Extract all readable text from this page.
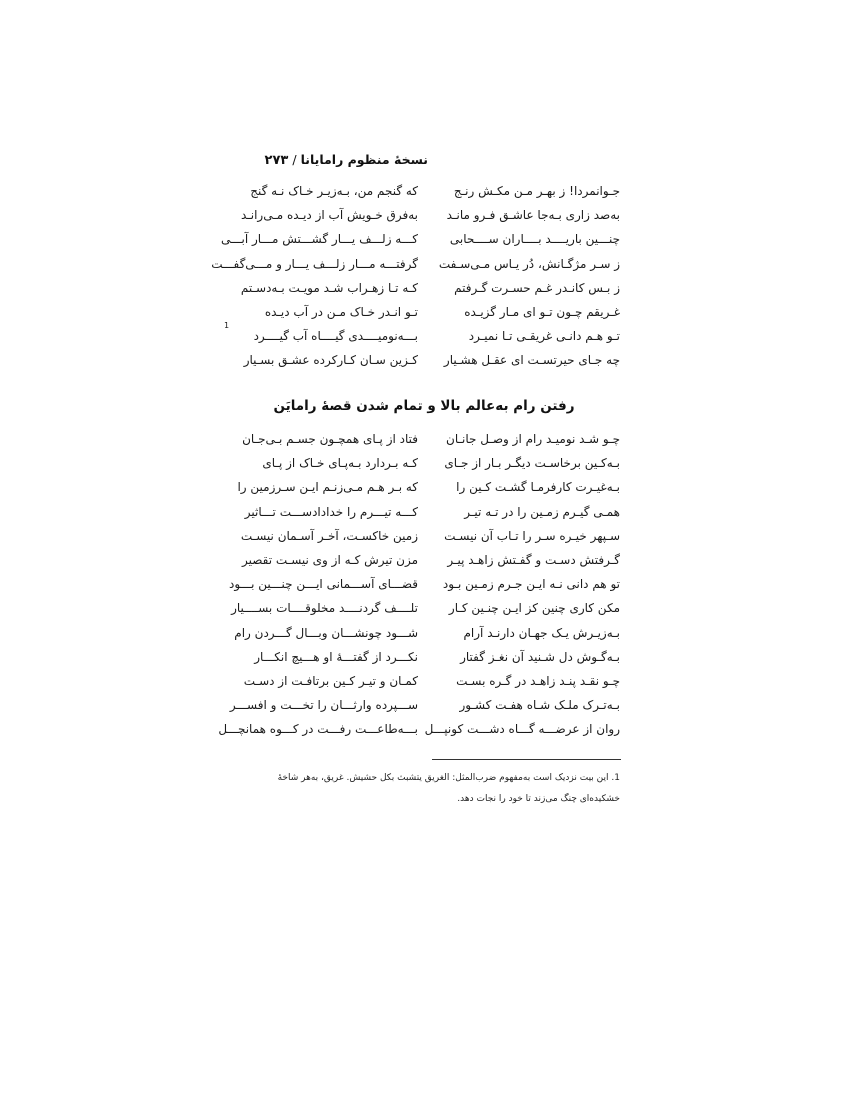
نسخهٔ منظوم رامایانا/۲۷۳
جـوانمردا! ز بهـر مـن مکـش رنـج
که گنجم من، بـه‌زیـر خـاک نـه گنج
به‌صد زاری بـه‌جا عاشـق فـرو مانـد
به‌فرق خـویش آب از دیـده مـی‌رانـد
چنـــین باریــــد بــــاران ســــحابی
کـــه زلـــف یـــار گشـــتش مـــار آبـــی
ز سـر مژگـانش، دُر یـاس مـی‌سـفت
گرفتـــه مـــار زلـــف یـــار و مـــی‌گفـــت
ز بـس کانـدر غـم حسـرت گـرفتم
کـه تـا زهـراب شـد مویـت بـه‌دسـتم
غـریقم چـون تـو ای مـار گزیـده
تـو انـدر خـاک مـن در آب دیـده
تـو هـم دانـی غریقـی تـا نمیـرد
بـــه‌نومیــــدی گیــــاه آب گیــــرد
1
چه جـای حیرتسـت ای عقـل هشـیار
کـزین سـان کـارکرده عشـق بسـیار
رفتن رام به‌عالم بالا و تمام شدن قصهٔ رامایَن
چـو شـد نومیـد رام از وصـل جانـان
فتاد از پـای همچـون جسـم بـی‌جـان
بـه‌کـین برخاسـت دیگـر بـار از جـای
کـه بـردارد بـه‌پـای خـاک از پـای
بـه‌غیـرت کارفرمـا گشـت کـین را
که بـر هـم مـی‌زنـم ایـن سـرزمین را
همـی گیـرم زمـین را در تـه تیـر
کـــه تیـــرم را خدادادســـت تـــاثیر
سـپهر خیـره سـر را تـاب آن نیسـت
زمین خاکسـت، آخـر آسـمان نیسـت
گـرفتش دسـت و گفـتش زاهـد پیـر
مزن تیرش کـه از وی نیسـت تقصیر
تو هم دانی نـه ایـن جـرم زمـین بـود
قضـــای آســـمانی ایـــن چنـــین بـــود
مکن کاری چنین کز ایـن چنـین کـار
تلــــف گردنــــد مخلوقــــات بســــیار
بـه‌زیـرش یـک جهـان دارنـد آرام
شـــود چونشـــان وبـــال گـــردن رام
بـه‌گـوش دل شـنید آن نغـز گفتار
نکـــرد از گفتـــهٔ او هـــیچ انکـــار
چـو نقـد پنـد زاهـد در گـره بسـت
کمـان و تیـر کـین برتافـت از دسـت
بـه‌تـرک ملـک شـاه هفـت کشـور
ســـپرده وارثـــان را تخـــت و افســـر
روان از عرضـــه گـــاه دشـــت کونپـــل
بـــه‌طاعـــت رفـــت در کـــوه همانچـــل
1. این بیت نزدیک است به‌مفهوم ضرب‌المثل: الغریق یتشبث بکل حشیش. غریق، به‌هر شاخهٔ
خشکیده‌ای چنگ می‌زند تا خود را نجات دهد.
